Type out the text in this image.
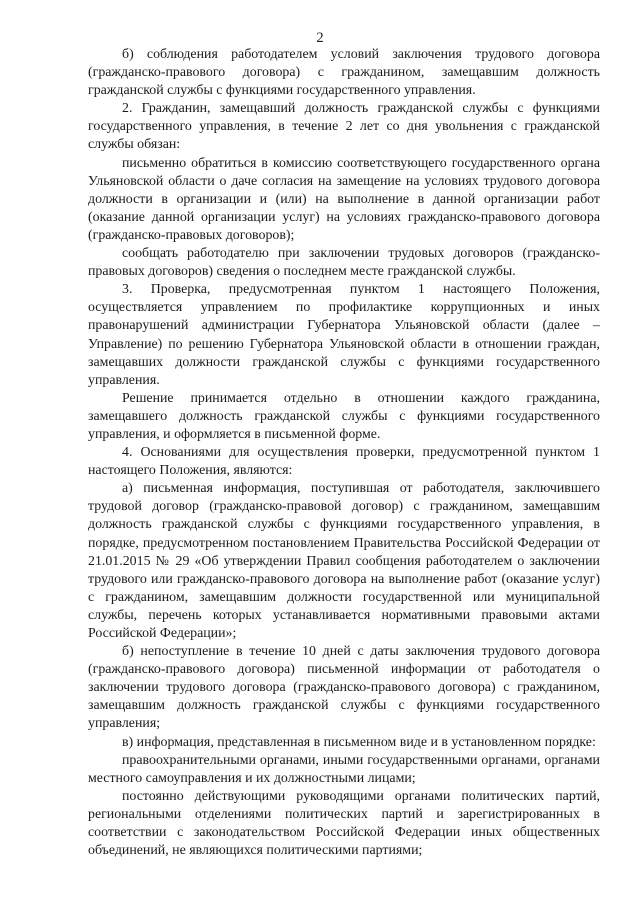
2

б) соблюдения работодателем условий заключения трудового договора (гражданско-правового договора) с гражданином, замещавшим должность гражданской службы с функциями государственного управления.

2. Гражданин, замещавший должность гражданской службы с функциями государственного управления, в течение 2 лет со дня увольнения с гражданской службы обязан:

письменно обратиться в комиссию соответствующего государственного органа Ульяновской области о даче согласия на замещение на условиях трудового договора должности в организации и (или) на выполнение в данной организации работ (оказание данной организации услуг) на условиях гражданско-правового договора (гражданско-правовых договоров);

сообщать работодателю при заключении трудовых договоров (гражданско-правовых договоров) сведения о последнем месте гражданской службы.

3. Проверка, предусмотренная пунктом 1 настоящего Положения, осуществляется управлением по профилактике коррупционных и иных правонарушений администрации Губернатора Ульяновской области (далее – Управление) по решению Губернатора Ульяновской области в отношении граждан, замещавших должности гражданской службы с функциями государственного управления.

Решение принимается отдельно в отношении каждого гражданина, замещавшего должность гражданской службы с функциями государственного управления, и оформляется в письменной форме.

4. Основаниями для осуществления проверки, предусмотренной пунктом 1 настоящего Положения, являются:

а) письменная информация, поступившая от работодателя, заключившего трудовой договор (гражданско-правовой договор) с гражданином, замещавшим должность гражданской службы с функциями государственного управления, в порядке, предусмотренном постановлением Правительства Российской Федерации от 21.01.2015 № 29 «Об утверждении Правил сообщения работодателем о заключении трудового или гражданско-правового договора на выполнение работ (оказание услуг) с гражданином, замещавшим должности государственной или муниципальной службы, перечень которых устанавливается нормативными правовыми актами Российской Федерации»;

б) непоступление в течение 10 дней с даты заключения трудового договора (гражданско-правового договора) письменной информации от работодателя о заключении трудового договора (гражданско-правового договора) с гражданином, замещавшим должность гражданской службы с функциями государственного управления;

в) информация, представленная в письменном виде и в установленном порядке:

правоохранительными органами, иными государственными органами, органами местного самоуправления и их должностными лицами;

постоянно действующими руководящими органами политических партий, региональными отделениями политических партий и зарегистрированных в соответствии с законодательством Российской Федерации иных общественных объединений, не являющихся политическими партиями;
